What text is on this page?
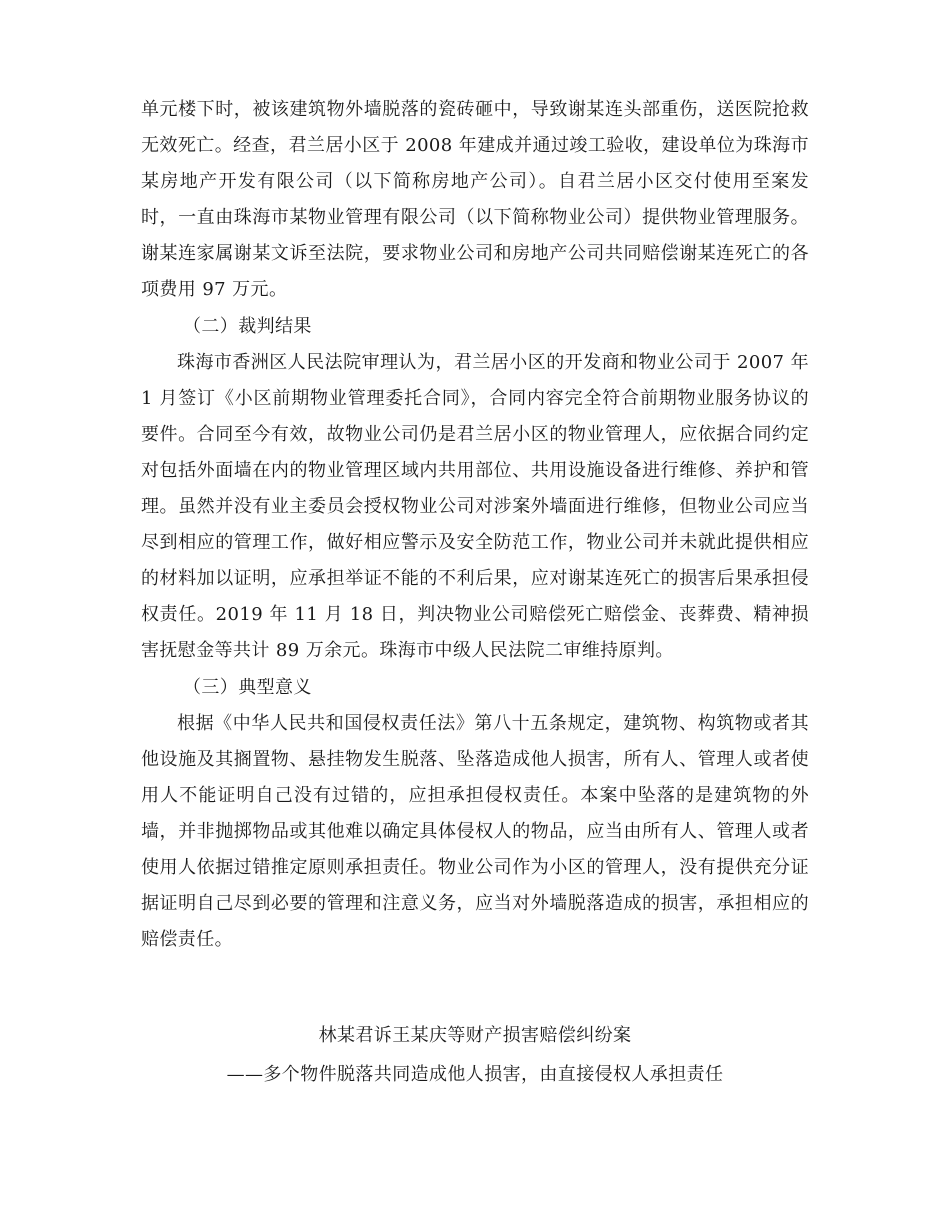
单元楼下时，被该建筑物外墙脱落的瓷砖砸中，导致谢某连头部重伤，送医院抢救无效死亡。经查，君兰居小区于 2008 年建成并通过竣工验收，建设单位为珠海市某房地产开发有限公司（以下简称房地产公司）。自君兰居小区交付使用至案发时，一直由珠海市某物业管理有限公司（以下简称物业公司）提供物业管理服务。谢某连家属谢某文诉至法院，要求物业公司和房地产公司共同赔偿谢某连死亡的各项费用 97 万元。

（二）裁判结果

珠海市香洲区人民法院审理认为，君兰居小区的开发商和物业公司于 2007 年1 月签订《小区前期物业管理委托合同》，合同内容完全符合前期物业服务协议的要件。合同至今有效，故物业公司仍是君兰居小区的物业管理人，应依据合同约定对包括外面墙在内的物业管理区域内共用部位、共用设施设备进行维修、养护和管理。虽然并没有业主委员会授权物业公司对涉案外墙面进行维修，但物业公司应当尽到相应的管理工作，做好相应警示及安全防范工作，物业公司并未就此提供相应的材料加以证明，应承担举证不能的不利后果，应对谢某连死亡的损害后果承担侵权责任。2019 年 11 月 18 日，判决物业公司赔偿死亡赔偿金、丧葬费、精神损害抚慰金等共计 89 万余元。珠海市中级人民法院二审维持原判。

（三）典型意义

根据《中华人民共和国侵权责任法》第八十五条规定，建筑物、构筑物或者其他设施及其搁置物、悬挂物发生脱落、坠落造成他人损害，所有人、管理人或者使用人不能证明自己没有过错的，应担承担侵权责任。本案中坠落的是建筑物的外墙，并非抛掷物品或其他难以确定具体侵权人的物品，应当由所有人、管理人或者使用人依据过错推定原则承担责任。物业公司作为小区的管理人，没有提供充分证据证明自己尽到必要的管理和注意义务，应当对外墙脱落造成的损害，承担相应的赔偿责任。

林某君诉王某庆等财产损害赔偿纠纷案
——多个物件脱落共同造成他人损害，由直接侵权人承担责任
